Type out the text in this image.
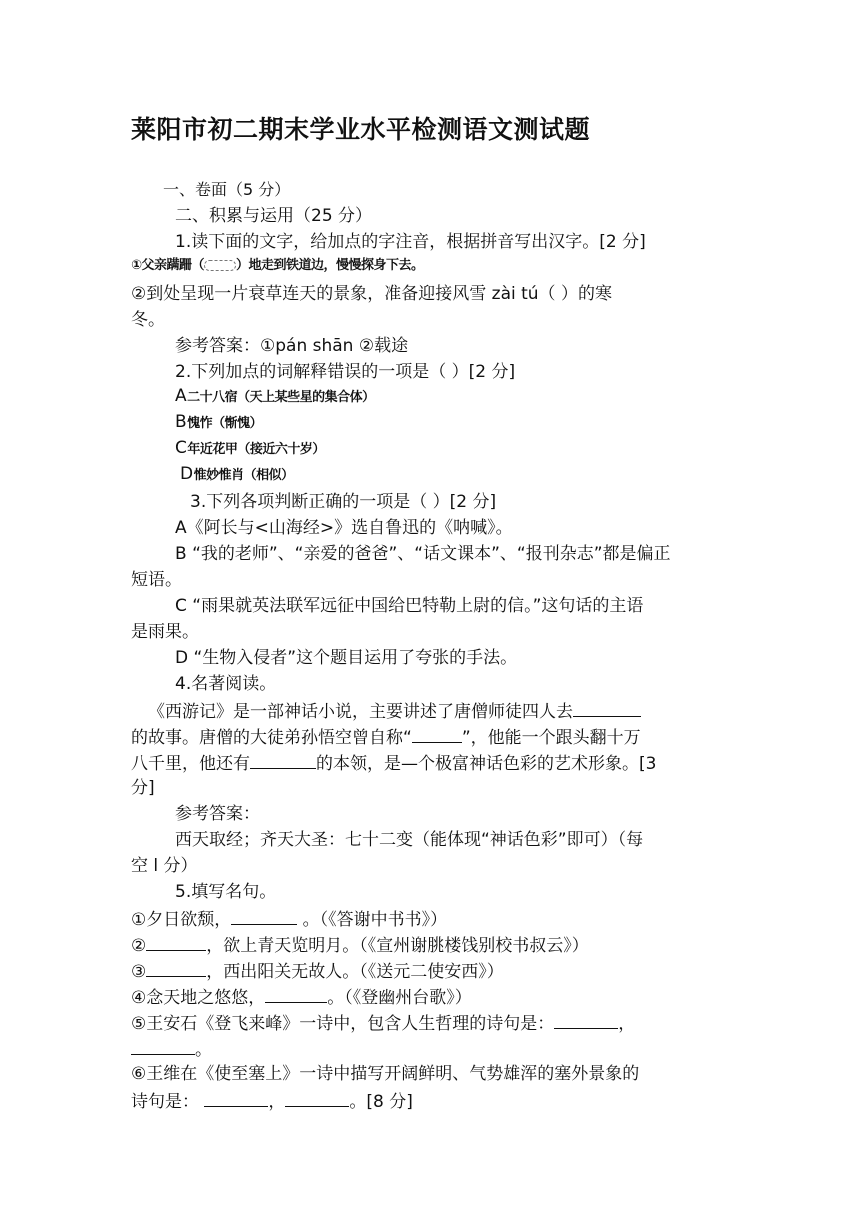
莱阳市初二期末学业水平检测语文测试题
一、卷面（5 分）
二、积累与运用（25 分）
1.读下面的文字，给加点的字注音，根据拼音写出汉字。[2 分]
①父亲蹒跚（ ）地走到铁道边，慢慢探身下去。
②到处呈现一片衰草连天的景象，准备迎接风雪 zài tú（ ）的寒
冬。
参考答案：①pán shān ②载途
2.下列加点的词解释错误的一项是（ ）[2 分]
A二十八宿（天上某些星的集合体）
B愧怍（惭愧）
C年近花甲（接近六十岁）
D惟妙惟肖（相似）
3.下列各项判断正确的一项是（ ）[2 分]
A《阿长与<山海经>》选自鲁迅的《呐喊》。
B “我的老师”、“亲爱的爸爸”、“话文课本”、“报刊杂志”都是偏正
短语。
C “雨果就英法联军远征中国给巴特勒上尉的信。”这句话的主语
是雨果。
D “生物入侵者”这个题目运用了夸张的手法。
4.名著阅读。
《西游记》是一部神话小说，主要讲述了唐僧师徒四人去
的故事。唐僧的大徒弟孙悟空曾自称“	”，他能一个跟头翻十万
八千里，他还有	的本领，是—个极富神话色彩的艺术形象。[3
分]
参考答案：
西天取经；齐天大圣：七十二变（能体现“神话色彩”即可）（每
空 l 分）
5.填写名句。
①夕日欲颓，	。（《答谢中书书》）
②	，欲上青天览明月。（《宣州谢朓楼饯别校书叔云》）
③	，西出阳关无故人。（《送元二使安西》）
④念天地之悠悠，	。（《登幽州台歌》）
⑤王安石《登飞来峰》一诗中，包含人生哲理的诗句是：	，
。
⑥王维在《使至塞上》一诗中描写开阔鲜明、气势雄浑的塞外景象的
诗句是：	，	。[8 分]
